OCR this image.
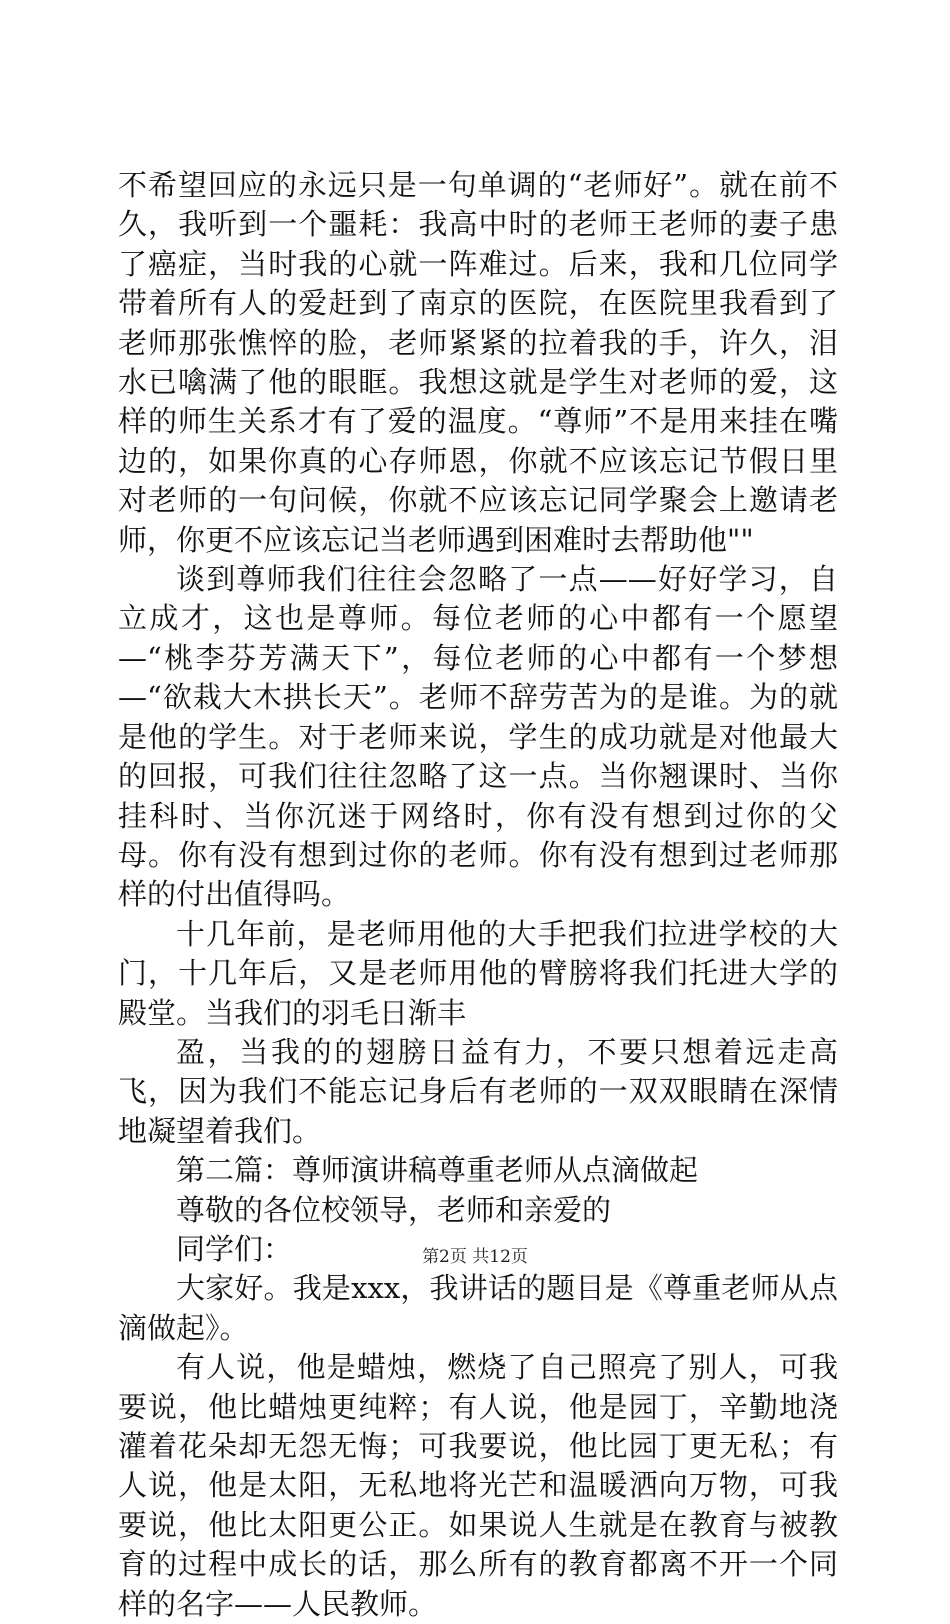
不希望回应的永远只是一句单调的“老师好”。就在前不久，我听到一个噩耗：我高中时的老师王老师的妻子患了癌症，当时我的心就一阵难过。后来，我和几位同学带着所有人的爱赶到了南京的医院，在医院里我看到了老师那张憔悴的脸，老师紧紧的拉着我的手，许久，泪水已噙满了他的眼眶。我想这就是学生对老师的爱，这样的师生关系才有了爱的温度。“尊师”不是用来挂在嘴边的，如果你真的心存师恩，你就不应该忘记节假日里对老师的一句问候，你就不应该忘记同学聚会上邀请老师，你更不应该忘记当老师遇到困难时去帮助他""

谈到尊师我们往往会忽略了一点——好好学习，自立成才，这也是尊师。每位老师的心中都有一个愿望—“桃李芬芳满天下”，每位老师的心中都有一个梦想—“欲栽大木拱长天”。老师不辞劳苦为的是谁。为的就是他的学生。对于老师来说，学生的成功就是对他最大的回报，可我们往往忽略了这一点。当你翘课时、当你挂科时、当你沉迷于网络时，你有没有想到过你的父母。你有没有想到过你的老师。你有没有想到过老师那样的付出值得吗。

十几年前，是老师用他的大手把我们拉进学校的大门，十几年后，又是老师用他的臂膀将我们托进大学的殿堂。当我们的羽毛日渐丰

盈，当我的的翅膀日益有力，不要只想着远走高飞，因为我们不能忘记身后有老师的一双双眼睛在深情地凝望着我们。

第二篇：尊师演讲稿尊重老师从点滴做起

尊敬的各位校领导，老师和亲爱的

同学们：

大家好。我是xxx，我讲话的题目是《尊重老师从点滴做起》。

有人说，他是蜡烛，燃烧了自己照亮了别人，可我要说，他比蜡烛更纯粹；有人说，他是园丁，辛勤地浇灌着花朵却无怨无悔；可我要说，他比园丁更无私；有人说，他是太阳，无私地将光芒和温暖洒向万物，可我要说，他比太阳更公正。如果说人生就是在教育与被教育的过程中成长的话，那么所有的教育都离不开一个同样的名字——人民教师。

第2页 共12页
